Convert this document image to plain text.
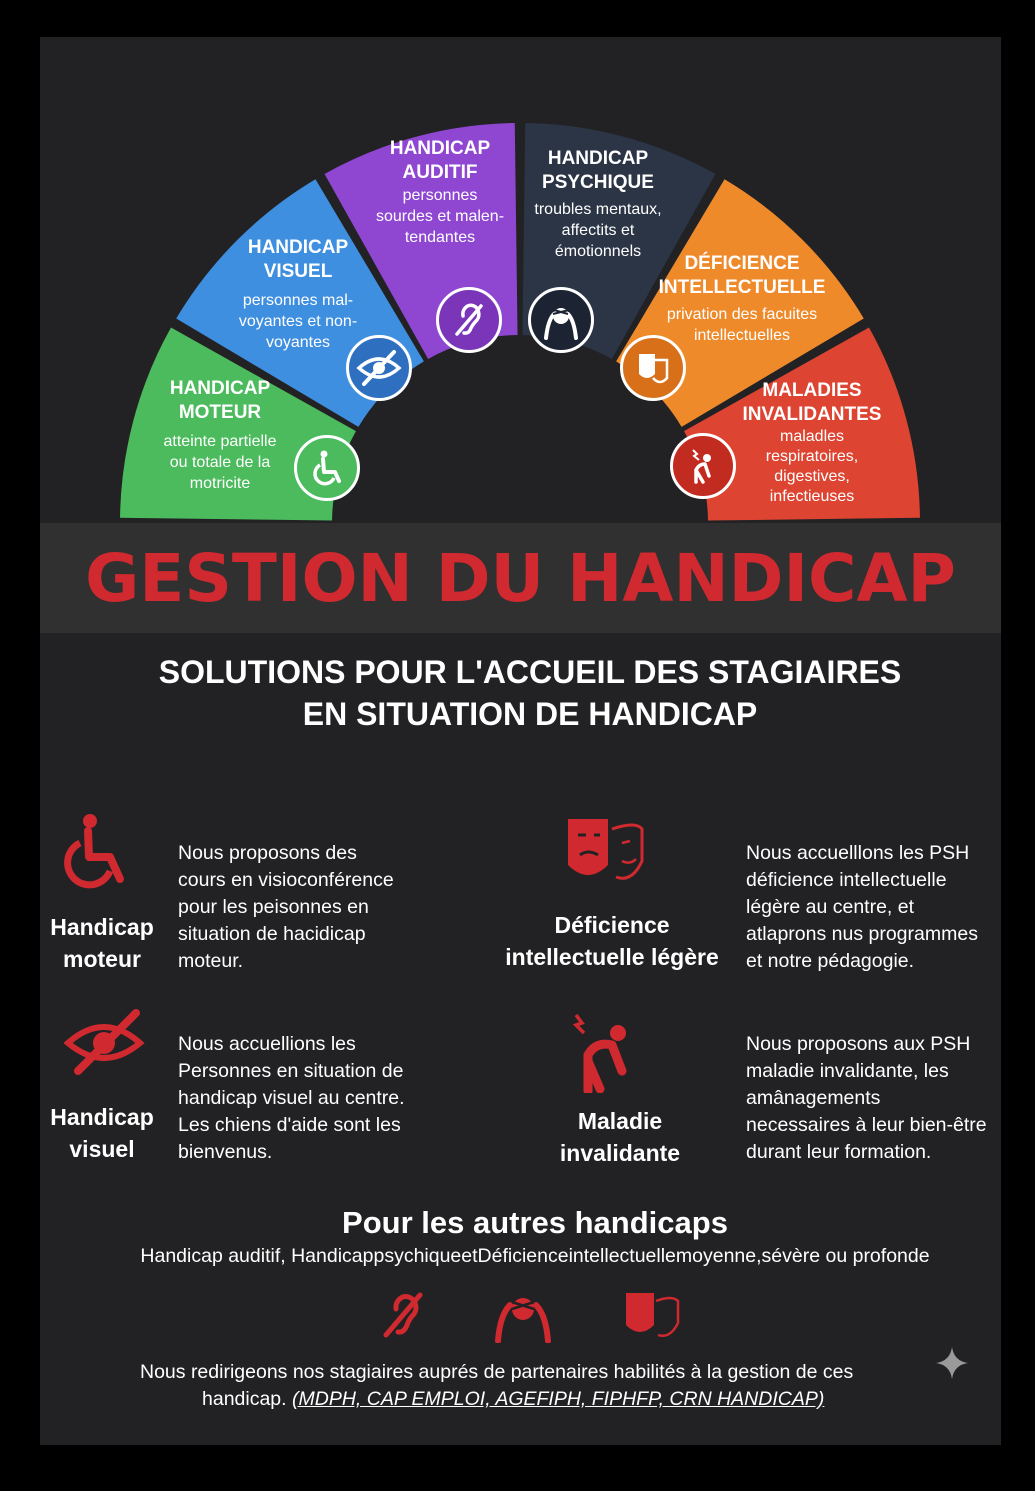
HANDICAP
MOTEUR
atteinte partielle
ou totale de la
motricite
HANDICAP
VISUEL
personnes mal-
voyantes et non-
voyantes
HANDICAP
AUDITIF
personnes
sourdes et malen-
tendantes
HANDICAP
PSYCHIQUE
troubles mentaux,
affectits et
émotionnels
DÉFICIENCE
INTELLECTUELLE
privation des facuites
intellectuelles
MALADIES
INVALIDANTES
maladles
respiratoires,
digestives,
infectieuses
GESTION DU HANDICAP
SOLUTIONS POUR L'ACCUEIL DES STAGIAIRES
EN SITUATION DE HANDICAP
Handicap
moteur
Nous proposons des
cours en visioconférence
pour les peisonnes en
situation de hacidicap
moteur.
Déficience
intellectuelle légère
Nous accuelllons les PSH
déficience intellectuelle
légère au centre, et
atlaprons nus programmes
et notre pédagogie.
Handicap
visuel
Nous accuellions les
Personnes en situation de
handicap visuel au centre.
Les chiens d'aide sont les
bienvenus.
Maladie
invalidante
Nous proposons aux PSH
maladie invalidante, les
amânagements
necessaires à leur bien-être
durant leur formation.
Pour les autres handicaps
Handicap auditif, HandicappsychiqueetDéficienceintellectuellemoyenne,sévère ou profonde
Nous redirigeons nos stagiaires auprés de partenaires habilités à la gestion de ces
handicap. (MDPH, CAP EMPLOI, AGEFIPH, FIPHFP, CRN HANDICAP)
